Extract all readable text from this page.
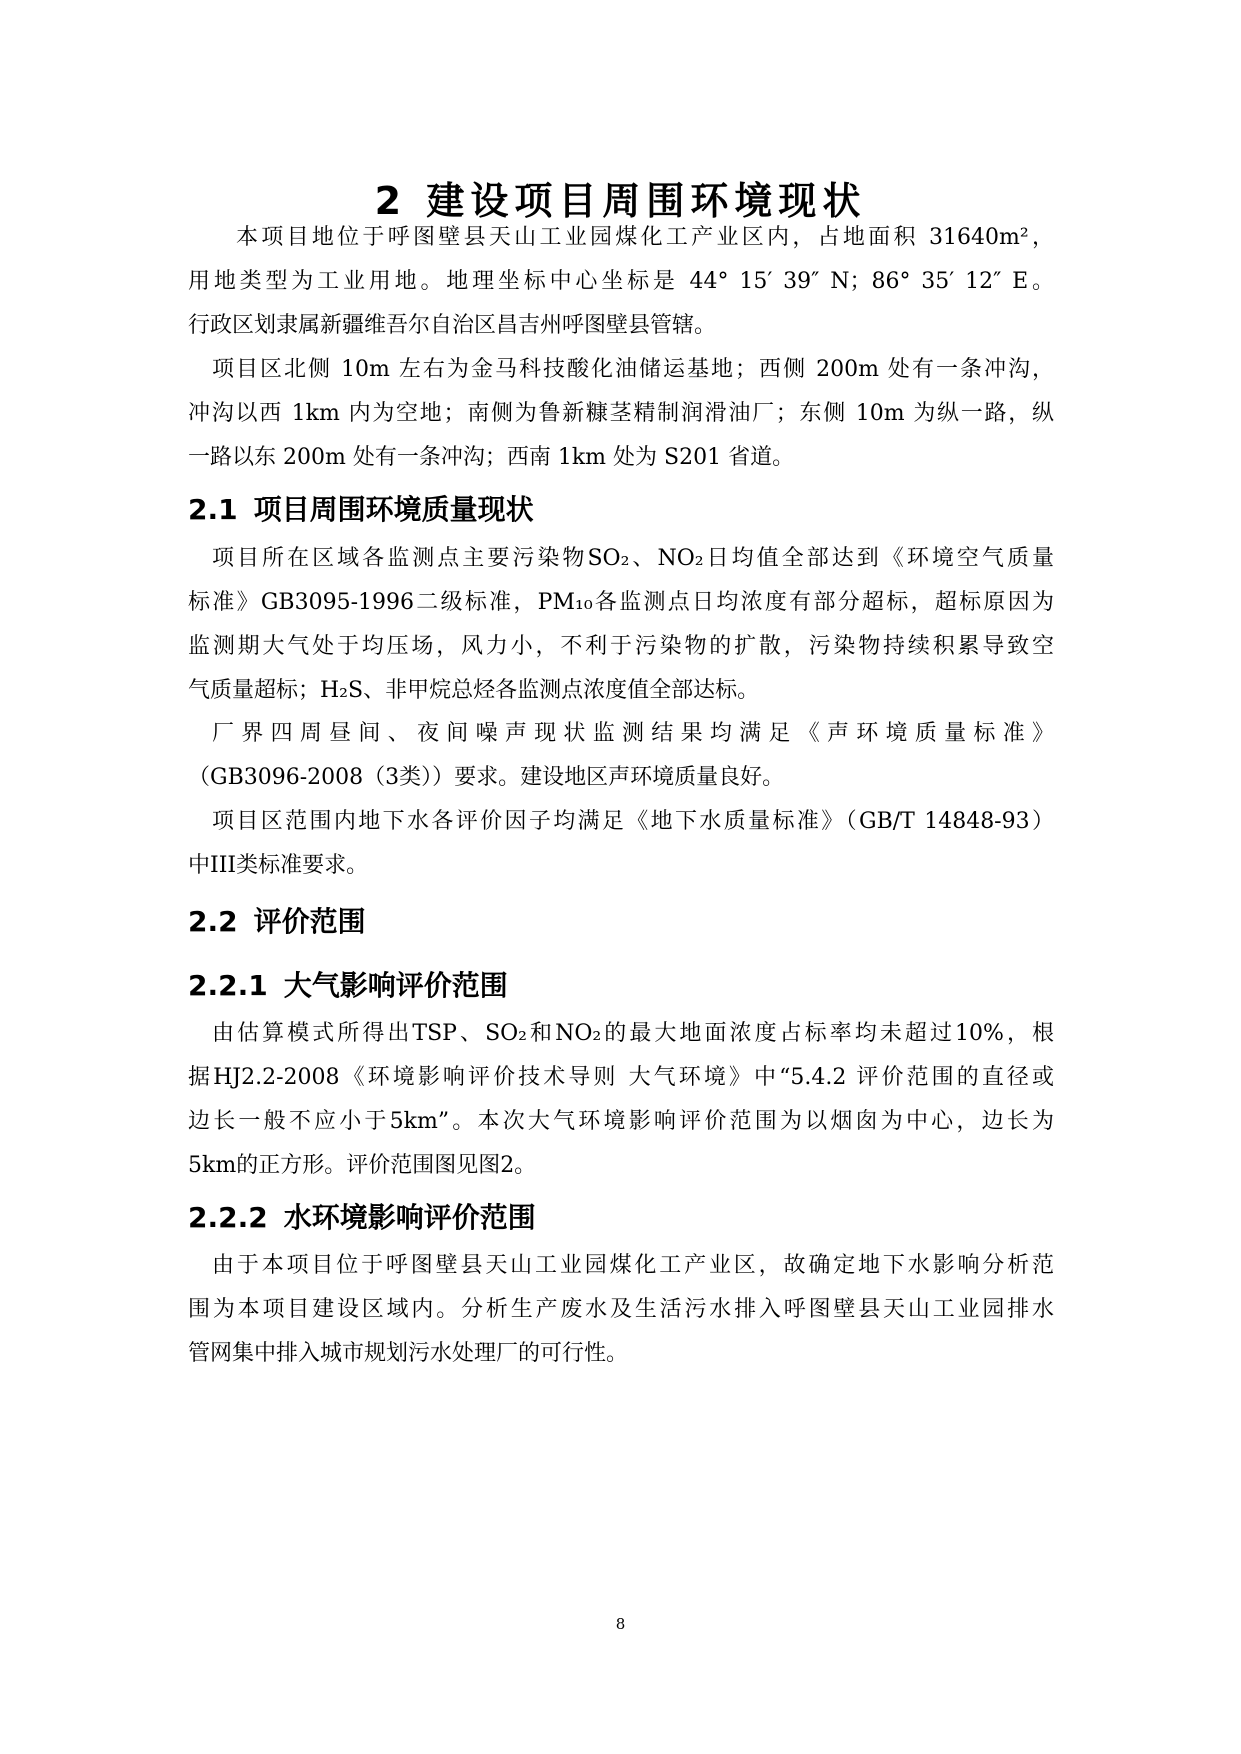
2 建设项目周围环境现状
本项目地位于呼图壁县天山工业园煤化工产业区内，占地面积 31640m²，
用地类型为工业用地。地理坐标中心坐标是 44° 15′ 39″ N；86° 35′ 12″ E。
行政区划隶属新疆维吾尔自治区昌吉州呼图壁县管辖。
项目区北侧 10m 左右为金马科技酸化油储运基地；西侧 200m 处有一条冲沟，
冲沟以西 1km 内为空地；南侧为鲁新糠茎精制润滑油厂；东侧 10m 为纵一路，纵
一路以东 200m 处有一条冲沟；西南 1km 处为 S201 省道。
2.1 项目周围环境质量现状
项目所在区域各监测点主要污染物SO₂、NO₂日均值全部达到《环境空气质量
标准》GB3095-1996二级标准，PM₁₀各监测点日均浓度有部分超标，超标原因为
监测期大气处于均压场，风力小，不利于污染物的扩散，污染物持续积累导致空
气质量超标；H₂S、非甲烷总烃各监测点浓度值全部达标。
厂界四周昼间、夜间噪声现状监测结果均满足《声环境质量标准》
（GB3096-2008（3类））要求。建设地区声环境质量良好。
项目区范围内地下水各评价因子均满足《地下水质量标准》（GB/T 14848-93）
中III类标准要求。
2.2 评价范围
2.2.1 大气影响评价范围
由估算模式所得出TSP、SO₂和NO₂的最大地面浓度占标率均未超过10%，根
据HJ2.2-2008《环境影响评价技术导则 大气环境》中“5.4.2 评价范围的直径或
边长一般不应小于5km”。本次大气环境影响评价范围为以烟囱为中心，边长为
5km的正方形。评价范围图见图2。
2.2.2 水环境影响评价范围
由于本项目位于呼图壁县天山工业园煤化工产业区，故确定地下水影响分析范
围为本项目建设区域内。分析生产废水及生活污水排入呼图壁县天山工业园排水
管网集中排入城市规划污水处理厂的可行性。
8
